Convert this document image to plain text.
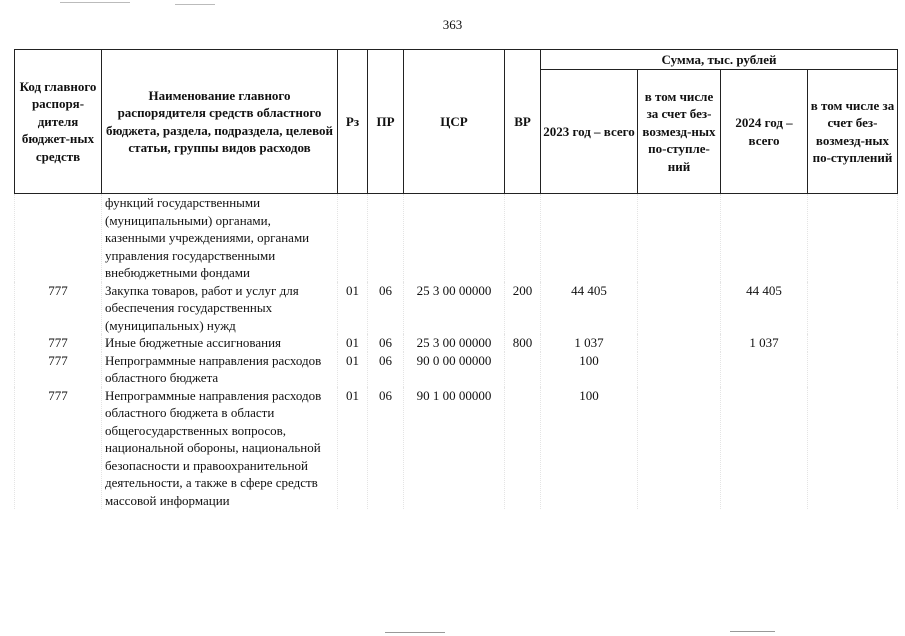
363
Код главного распоря-дителя бюджет-ных средств	Наименование главного распорядителя средств областного бюджета, раздела, подраздела, целевой статьи, группы видов расходов	Рз	ПР	ЦСР	ВР	Сумма, тыс. рублей			
						2023 год – всего	в том числе за счет без-возмезд-ных по-ступле-ний	2024 год – всего	в том числе за счет без-возмезд-ных по-ступлений
	функций государственными (муниципальными) органами, казенными учреждениями, органами управления государственными внебюджетными фондами								
777	Закупка товаров, работ и услуг для обеспечения государственных (муниципальных) нужд	01	06	25 3 00 00000	200	44 405		44 405	
777	Иные бюджетные ассигнования	01	06	25 3 00 00000	800	1 037		1 037	
777	Непрограммные направления расходов областного бюджета	01	06	90 0 00 00000		100			
777	Непрограммные направления расходов областного бюджета в области общегосударственных вопросов, национальной обороны, национальной безопасности и правоохранительной деятельности, а также в сфере средств массовой информации	01	06	90 1 00 00000		100			
